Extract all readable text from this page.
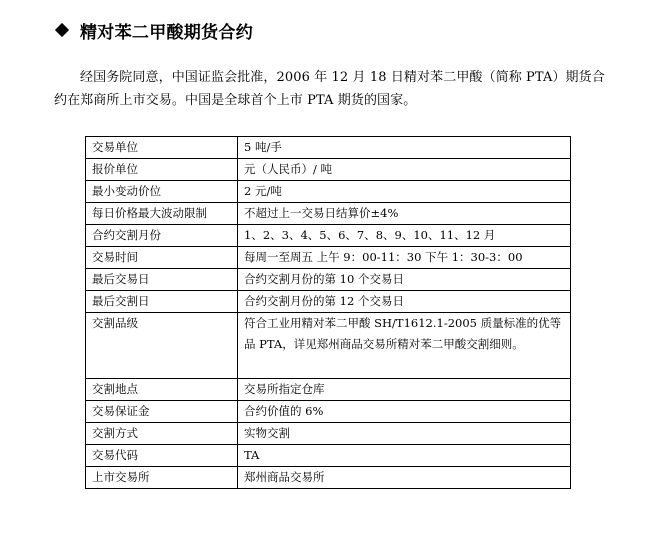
精对苯二甲酸期货合约

经国务院同意，中国证监会批准，2006 年 12 月 18 日精对苯二甲酸（简称 PTA）期货合约在郑商所上市交易。中国是全球首个上市 PTA 期货的国家。

交易单位	5 吨/手
报价单位	元（人民币）/ 吨
最小变动价位	2 元/吨
每日价格最大波动限制	不超过上一交易日结算价±4%
合约交割月份	1、2、3、4、5、6、7、8、9、10、11、12 月
交易时间	每周一至周五 上午 9：00-11：30 下午 1：30-3：00
最后交易日	合约交割月份的第 10 个交易日
最后交割日	合约交割月份的第 12 个交易日
交割品级	符合工业用精对苯二甲酸 SH/T1612.1-2005 质量标准的优等品 PTA，详见郑州商品交易所精对苯二甲酸交割细则。
交割地点	交易所指定仓库
交易保证金	合约价值的 6%
交割方式	实物交割
交易代码	TA
上市交易所	郑州商品交易所
